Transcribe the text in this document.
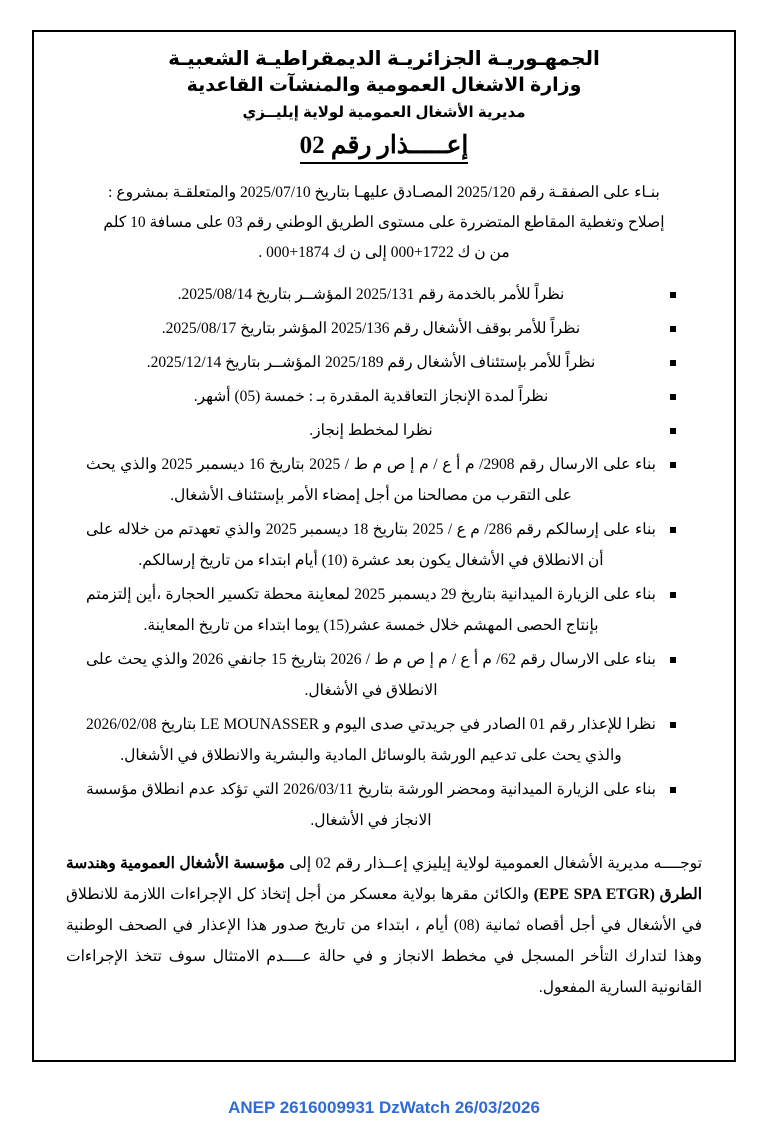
الجمهـوريـة الجزائريـة الديمقراطيـة الشعبيـة
وزارة الاشغال العمومية والمنشآت القاعدية
مديرية الأشغال العمومية لولاية إيليــزي
إعـــــذار رقم 02
بنـاء على الصفقـة رقم 2025/120 المصـادق عليهـا بتاريخ 2025/07/10 والمتعلقـة بمشروع :
إصلاح وتغطية المقاطع المتضررة على مستوى الطريق الوطني رقم 03 على مسافة 10 كلم
من ن ك 1722+000 إلى ن ك 1874+000 .
نظراً للأمر بالخدمة رقم 2025/131 المؤشــر بتاريخ 2025/08/14.
نظراً للأمر بوقف الأشغال رقم 2025/136 المؤشر بتاريخ 2025/08/17.
نظراً للأمر بإستئناف الأشغال رقم 2025/189 المؤشــر بتاريخ 2025/12/14.
نظراً لمدة الإنجاز التعاقدية المقدرة بـ : خمسة (05) أشهر.
نظرا لمخطط إنجاز.
بناء على الارسال رقم 2908/ م أ ع / م إ ص م ط / 2025 بتاريخ 16 ديسمبر 2025 والذي يحث على التقرب من مصالحنا من أجل إمضاء الأمر بإستئناف الأشغال.
بناء على إرسالكم رقم 286/ م ع / 2025 بتاريخ 18 ديسمبر 2025 والذي تعهدتم من خلاله على أن الانطلاق في الأشغال يكون بعد عشرة (10) أيام ابتداء من تاريخ إرسالكم.
بناء على الزيارة الميدانية بتاريخ 29 ديسمبر 2025 لمعاينة محطة تكسير الحجارة ،أين إلتزمتم بإنتاج الحصى المهشم خلال خمسة عشر(15) يوما ابتداء من تاريخ المعاينة.
بناء على الارسال رقم 62/ م أ ع / م إ ص م ط / 2026 بتاريخ 15 جانفي 2026 والذي يحث على الانطلاق في الأشغال.
نظرا للإعذار رقم 01 الصادر في جريدتي صدى اليوم و LE MOUNASSER بتاريخ 2026/02/08 والذي يحث على تدعيم الورشة بالوسائل المادية والبشرية والانطلاق في الأشغال.
بناء على الزيارة الميدانية ومحضر الورشة بتاريخ 2026/03/11 التي تؤكد عدم انطلاق مؤسسة الانجاز في الأشغال.
توجــــه مديرية الأشغال العمومية لولاية إيليزي إعــذار رقم 02 إلى مؤسسة الأشغال العمومية وهندسة الطرق (EPE SPA ETGR) والكائن مقرها بولاية معسكر من أجل إتخاذ كل الإجراءات اللازمة للانطلاق في الأشغال في أجل أقصاه ثمانية (08) أيام ، ابتداء من تاريخ صدور هذا الإعذار في الصحف الوطنية وهذا لتدارك التأخر المسجل في مخطط الانجاز و في حالة عــــدم الامتثال سوف تتخذ الإجراءات القانونية السارية المفعول.
ANEP 2616009931 DzWatch 26/03/2026
